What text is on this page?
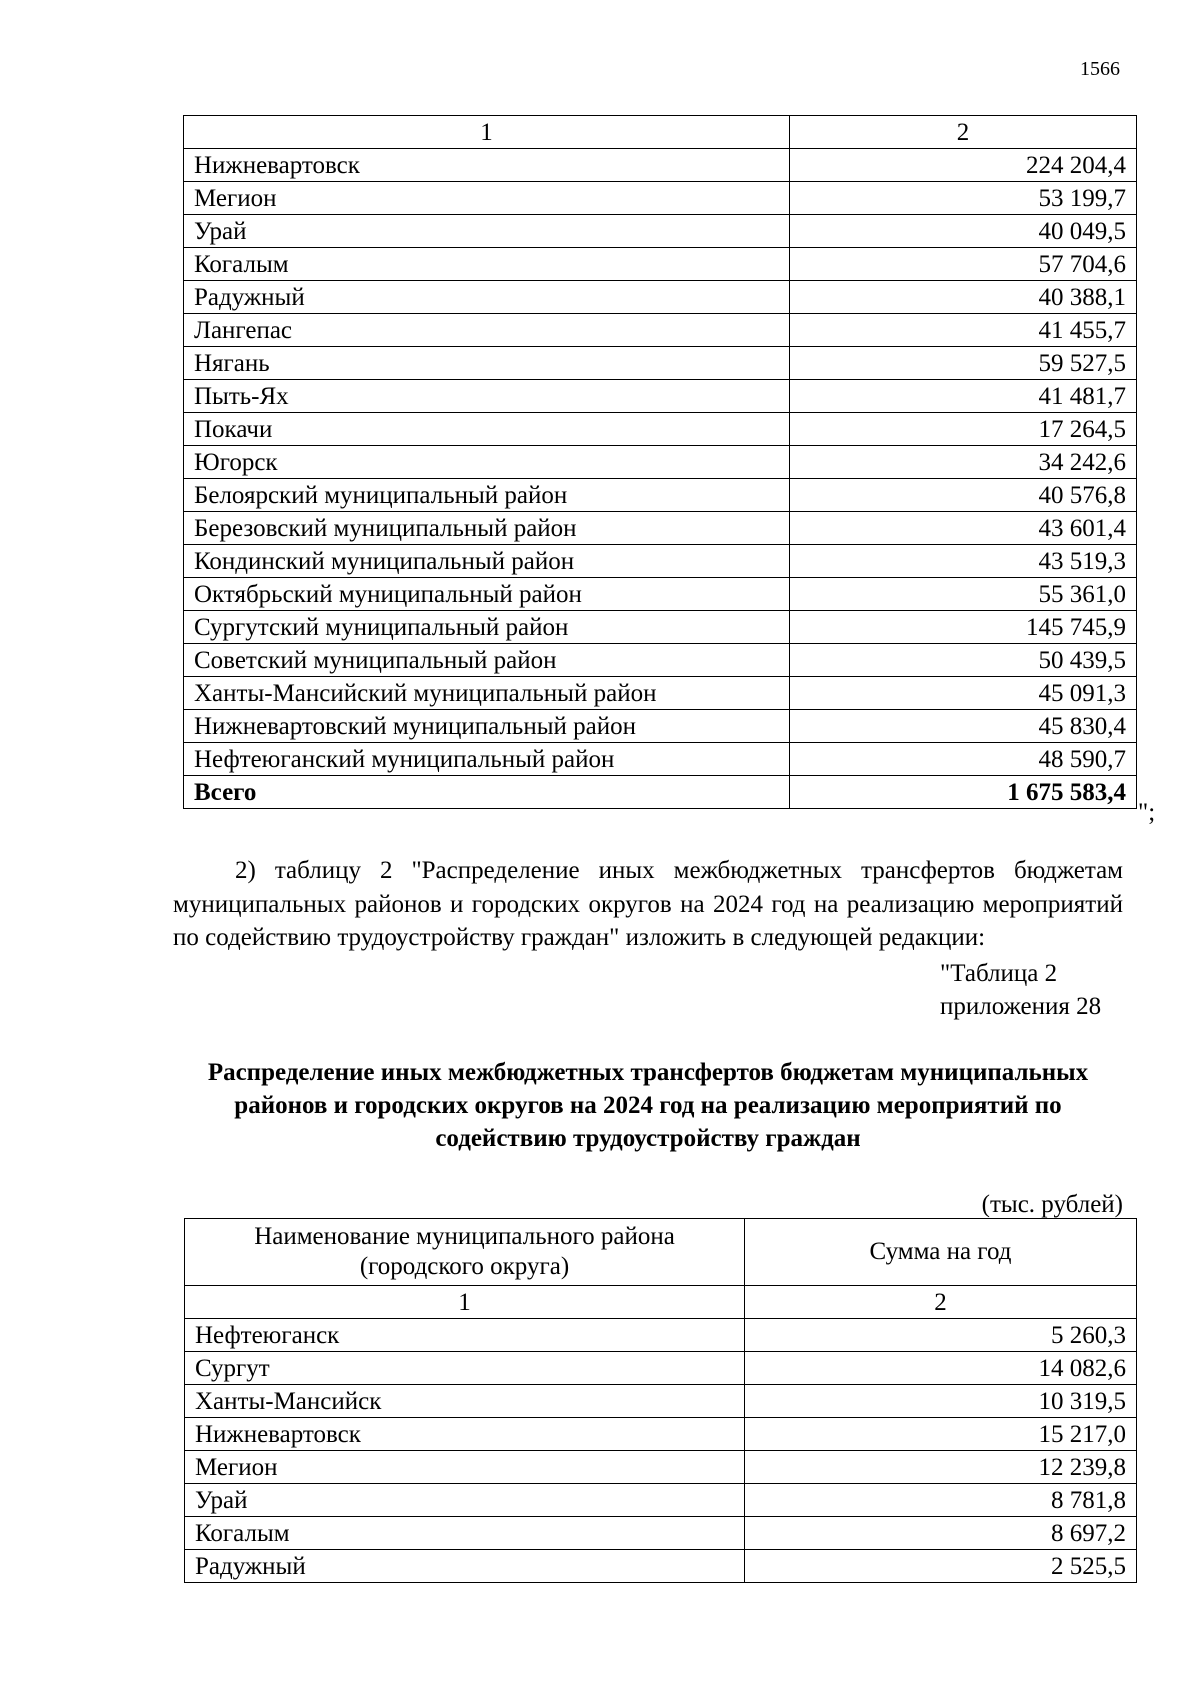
1566
1	2
Нижневартовск	224 204,4
Мегион	53 199,7
Урай	40 049,5
Когалым	57 704,6
Радужный	40 388,1
Лангепас	41 455,7
Нягань	59 527,5
Пыть-Ях	41 481,7
Покачи	17 264,5
Югорск	34 242,6
Белоярский муниципальный район	40 576,8
Березовский муниципальный район	43 601,4
Кондинский муниципальный район	43 519,3
Октябрьский муниципальный район	55 361,0
Сургутский муниципальный район	145 745,9
Советский муниципальный район	50 439,5
Ханты-Мансийский муниципальный район	45 091,3
Нижневартовский муниципальный район	45 830,4
Нефтеюганский муниципальный район	48 590,7
Всего	1 675 583,4
";

2) таблицу 2 "Распределение иных межбюджетных трансфертов бюджетам муниципальных районов и городских округов на 2024 год на реализацию мероприятий по содействию трудоустройству граждан" изложить в следующей редакции:

"Таблица 2
приложения 28
Распределение иных межбюджетных трансфертов бюджетам муниципальных районов и городских округов на 2024 год на реализацию мероприятий по содействию трудоустройству граждан
(тыс. рублей)
Наименование муниципального района (городского округа)	Сумма на год
1	2
Нефтеюганск	5 260,3
Сургут	14 082,6
Ханты-Мансийск	10 319,5
Нижневартовск	15 217,0
Мегион	12 239,8
Урай	8 781,8
Когалым	8 697,2
Радужный	2 525,5
